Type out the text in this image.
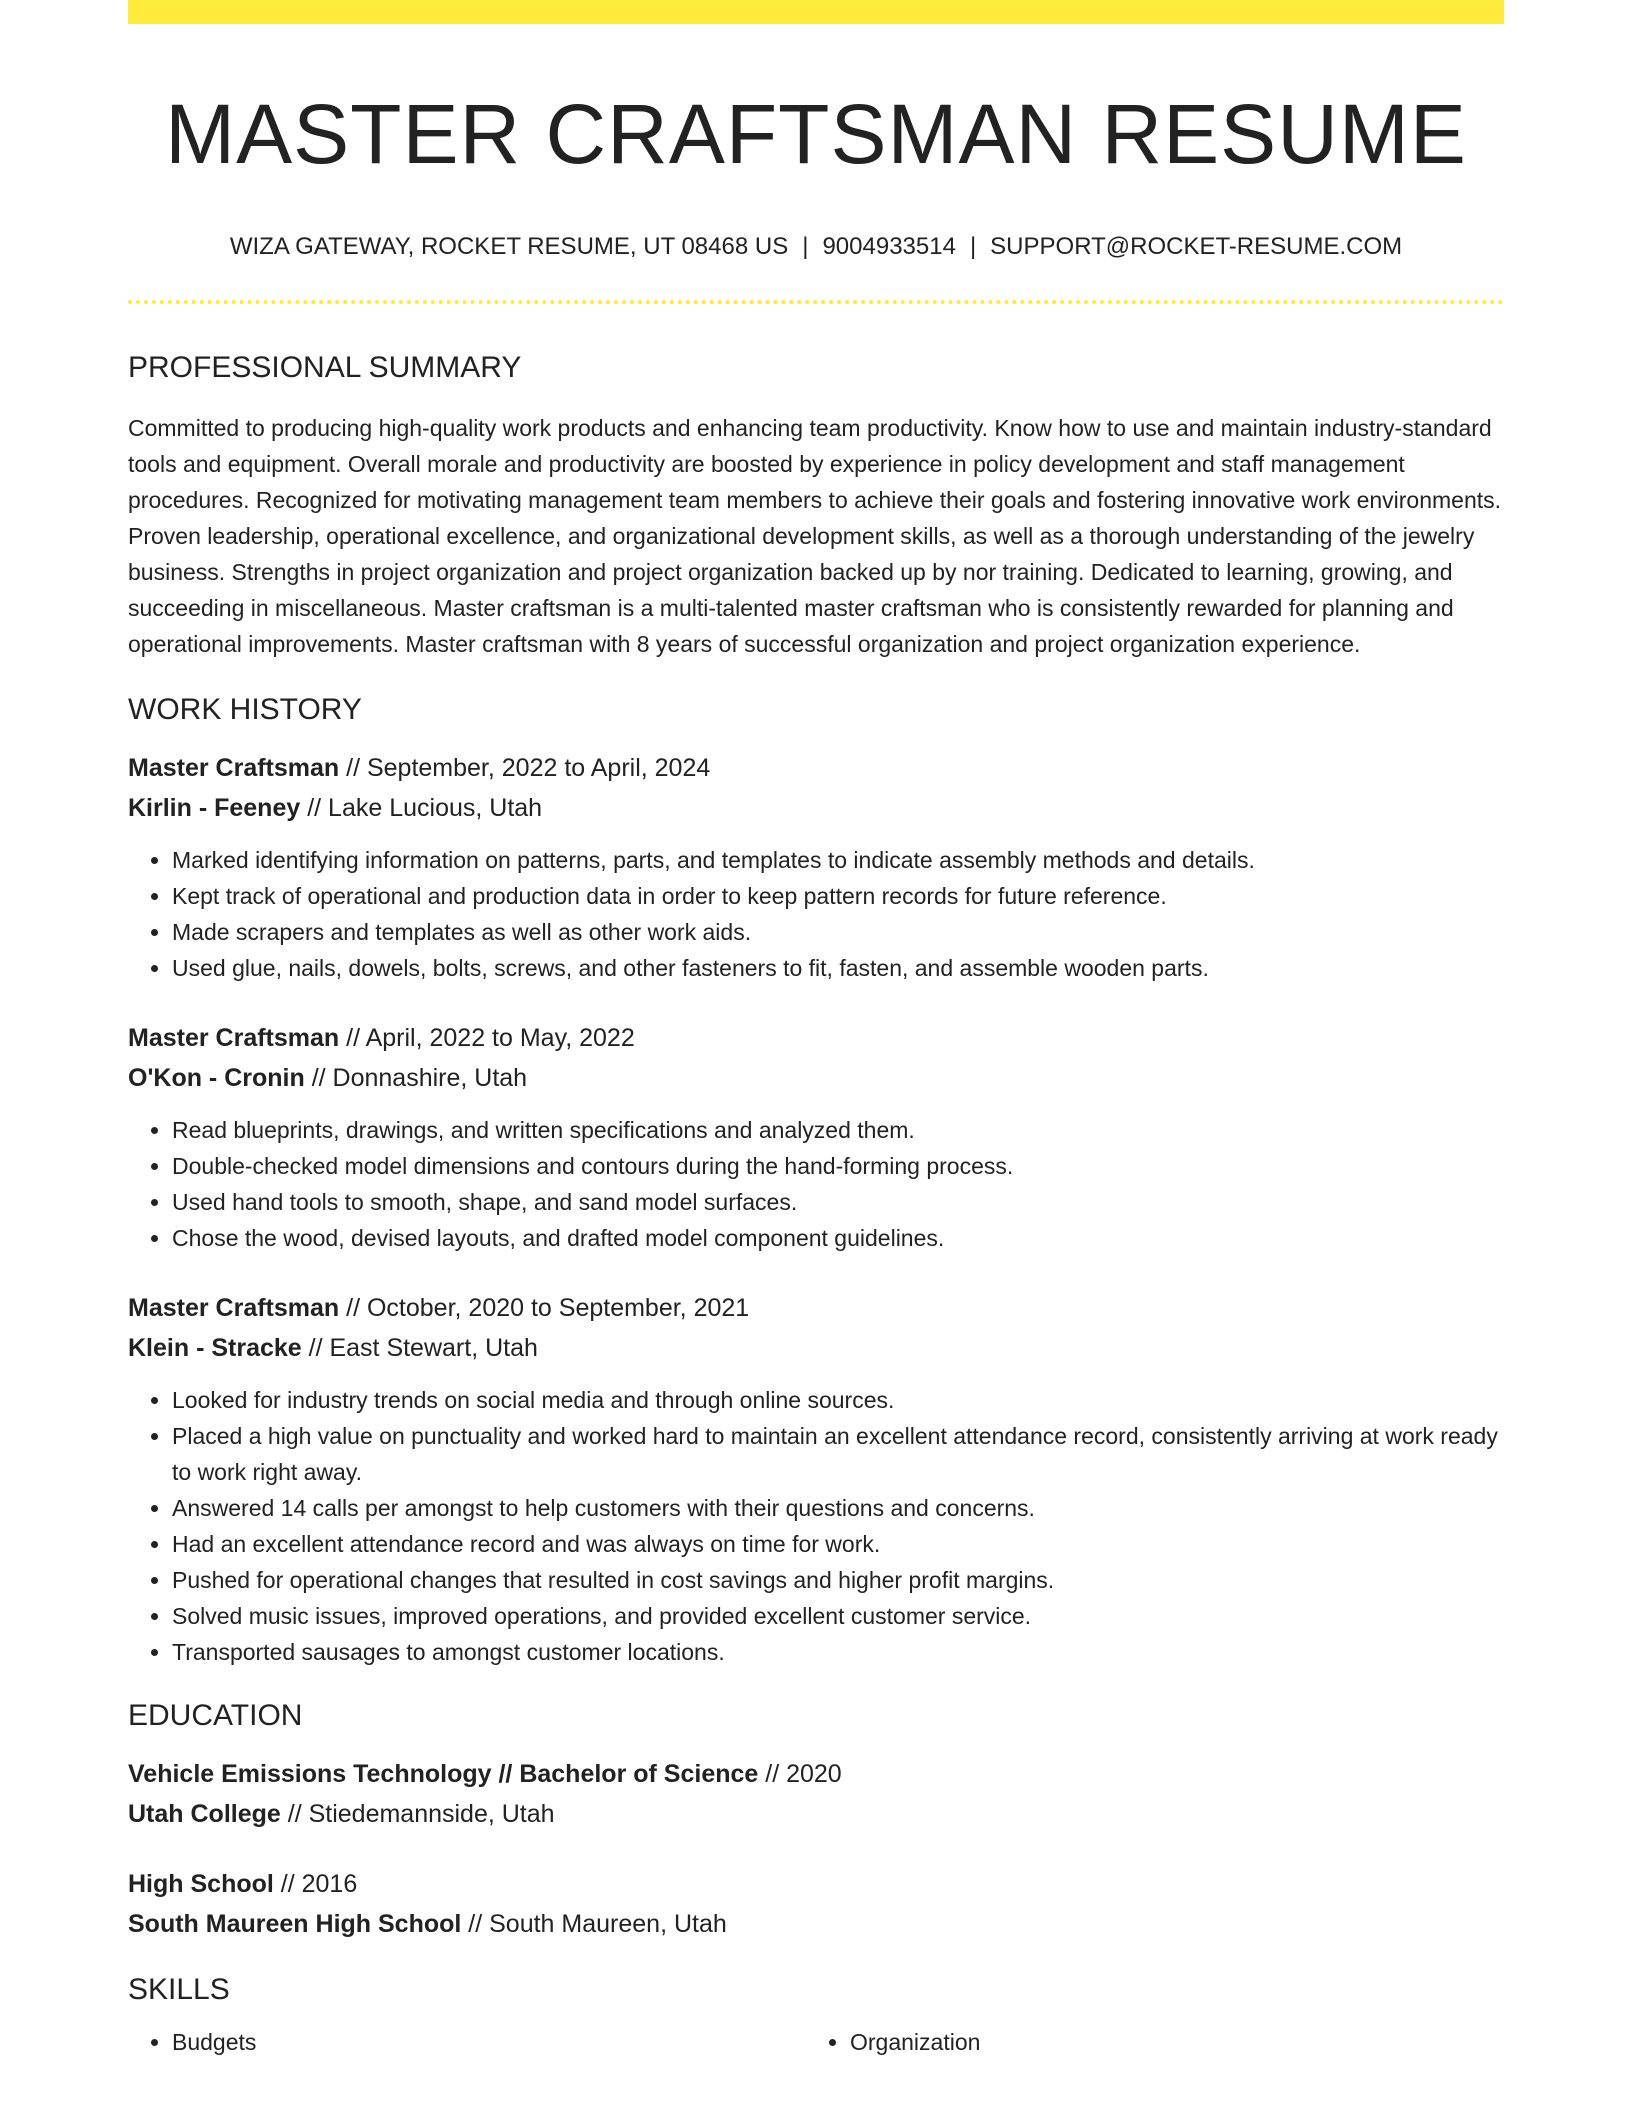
MASTER CRAFTSMAN RESUME
WIZA GATEWAY, ROCKET RESUME, UT 08468 US | 9004933514 | SUPPORT@ROCKET-RESUME.COM
PROFESSIONAL SUMMARY

Committed to producing high-quality work products and enhancing team productivity. Know how to use and maintain industry-standard tools and equipment. Overall morale and productivity are boosted by experience in policy development and staff management procedures. Recognized for motivating management team members to achieve their goals and fostering innovative work environments. Proven leadership, operational excellence, and organizational development skills, as well as a thorough understanding of the jewelry business. Strengths in project organization and project organization backed up by nor training. Dedicated to learning, growing, and succeeding in miscellaneous. Master craftsman is a multi-talented master craftsman who is consistently rewarded for planning and operational improvements. Master craftsman with 8 years of successful organization and project organization experience.

WORK HISTORY
Master Craftsman // September, 2022 to April, 2024
Kirlin - Feeney // Lake Lucious, Utah
• Marked identifying information on patterns, parts, and templates to indicate assembly methods and details.
• Kept track of operational and production data in order to keep pattern records for future reference.
• Made scrapers and templates as well as other work aids.
• Used glue, nails, dowels, bolts, screws, and other fasteners to fit, fasten, and assemble wooden parts.
Master Craftsman // April, 2022 to May, 2022
O'Kon - Cronin // Donnashire, Utah
• Read blueprints, drawings, and written specifications and analyzed them.
• Double-checked model dimensions and contours during the hand-forming process.
• Used hand tools to smooth, shape, and sand model surfaces.
• Chose the wood, devised layouts, and drafted model component guidelines.
Master Craftsman // October, 2020 to September, 2021
Klein - Stracke // East Stewart, Utah
• Looked for industry trends on social media and through online sources.
• Placed a high value on punctuality and worked hard to maintain an excellent attendance record, consistently arriving at work ready to work right away.
• Answered 14 calls per amongst to help customers with their questions and concerns.
• Had an excellent attendance record and was always on time for work.
• Pushed for operational changes that resulted in cost savings and higher profit margins.
• Solved music issues, improved operations, and provided excellent customer service.
• Transported sausages to amongst customer locations.
EDUCATION
Vehicle Emissions Technology // Bachelor of Science // 2020
Utah College // Stiedemannside, Utah
High School // 2016
South Maureen High School // South Maureen, Utah
SKILLS
• Budgets
•	Organization
